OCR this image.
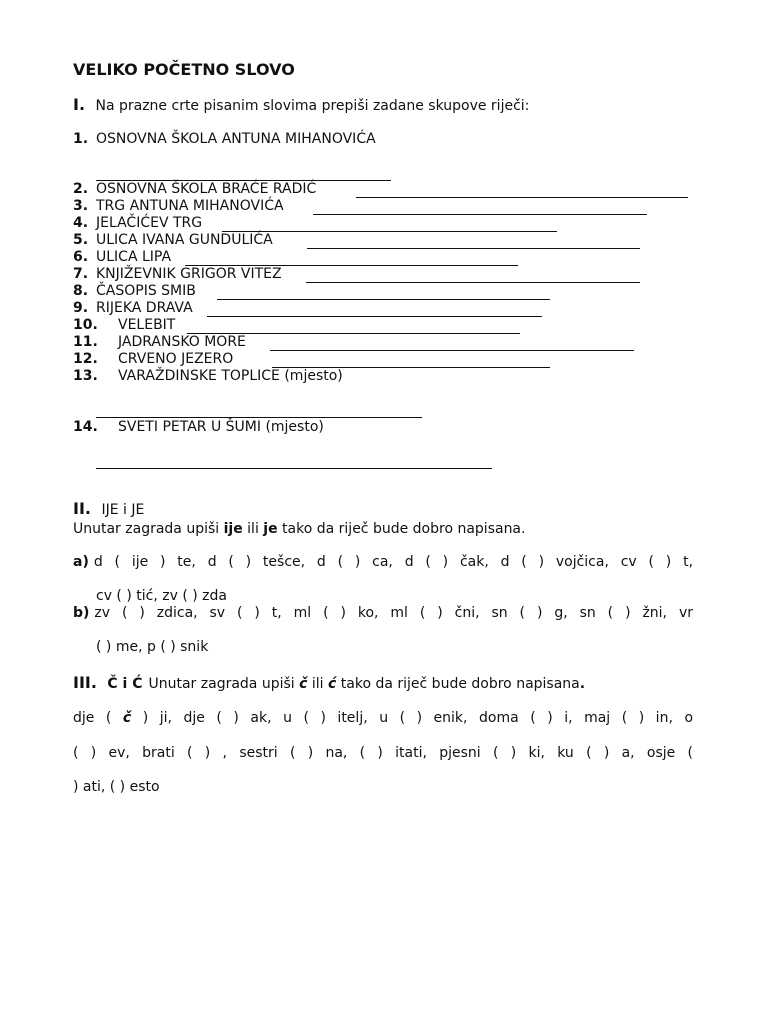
VELIKO POČETNO SLOVO
I. Na prazne crte pisanim slovima prepiši zadane skupove riječi:
1. OSNOVNA ŠKOLA ANTUNA MIHANOVIĆA
2. OSNOVNA ŠKOLA BRAĆE RADIĆ
3. TRG ANTUNA MIHANOVIĆA
4. JELAČIĆEV TRG
5. ULICA IVANA GUNDULIĆA
6. ULICA LIPA
7. KNJIŽEVNIK GRIGOR VITEZ
8. ČASOPIS SMIB
9. RIJEKA DRAVA
10. VELEBIT
11. JADRANSKO MORE
12. CRVENO JEZERO
13. VARAŽDINSKE TOPLICE (mjesto)
14. SVETI PETAR U ŠUMI (mjesto)
II. IJE i JE
Unutar zagrada upiši ije ili je tako da riječ bude dobro napisana.
a) d ( ije ) te, d ( ) tešce, d ( ) ca, d ( ) čak, d ( ) vojčica, cv ( ) t,
cv ( ) tić, zv ( ) zda
b) zv ( ) zdica, sv ( ) t, ml ( ) ko, ml ( ) čni, sn ( ) g, sn ( ) žni, vr
( ) me, p ( ) snik
III. Č i Ć Unutar zagrada upiši č ili ć tako da riječ bude dobro napisana.
dje ( č ) ji, dje ( ) ak, u ( ) itelj, u ( ) enik, doma ( ) i, maj ( ) in, o
( ) ev, brati ( ) , sestri ( ) na, ( ) itati, pjesni ( ) ki, ku ( ) a, osje (
) ati, ( ) esto
